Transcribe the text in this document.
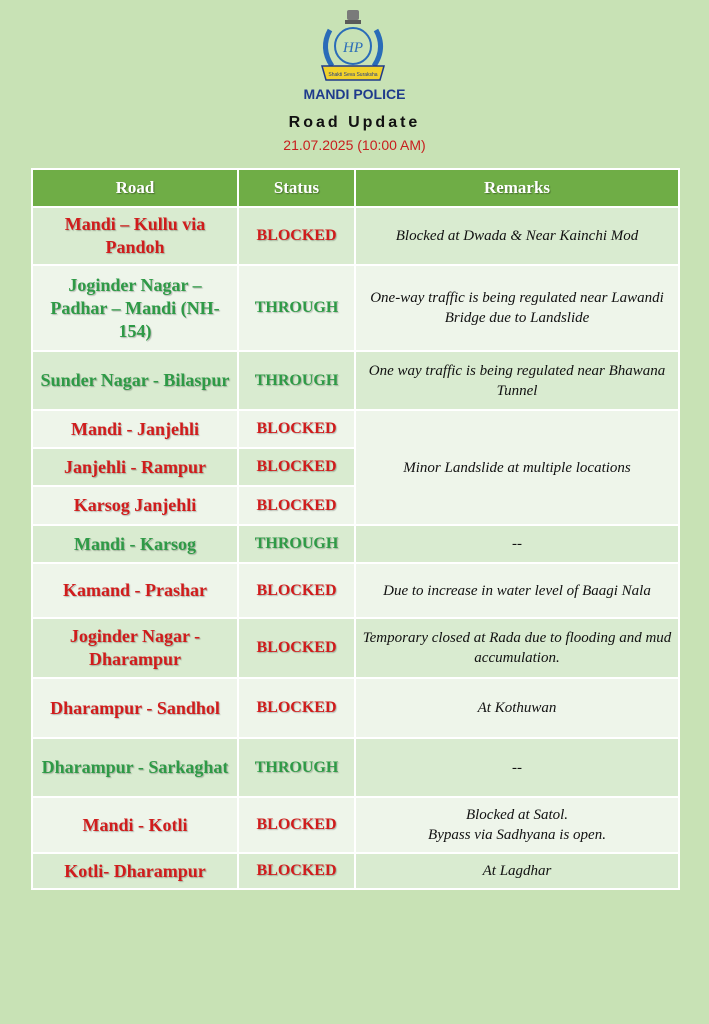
HP
Shakti Seva Suraksha
MANDI POLICE
Road Update
21.07.2025 (10:00 AM)
Road	Status	Remarks
Mandi – Kullu via Pandoh	BLOCKED	Blocked at Dwada & Near Kainchi Mod
Joginder Nagar – Padhar – Mandi (NH-154)	THROUGH	One-way traffic is being regulated near Lawandi Bridge due to Landslide
Sunder Nagar - Bilaspur	THROUGH	One way traffic is being regulated near Bhawana Tunnel
Mandi - Janjehli	BLOCKED	Minor Landslide at multiple locations
Janjehli - Rampur	BLOCKED	
Karsog Janjehli	BLOCKED	
Mandi - Karsog	THROUGH	--
Kamand - Prashar	BLOCKED	Due to increase in water level of Baagi Nala
Joginder Nagar - Dharampur	BLOCKED	Temporary closed at Rada due to flooding and mud accumulation.
Dharampur - Sandhol	BLOCKED	At Kothuwan
Dharampur - Sarkaghat	THROUGH	--
Mandi - Kotli	BLOCKED	Blocked at Satol.
Bypass via Sadhyana is open.
Kotli- Dharampur	BLOCKED	At Lagdhar
